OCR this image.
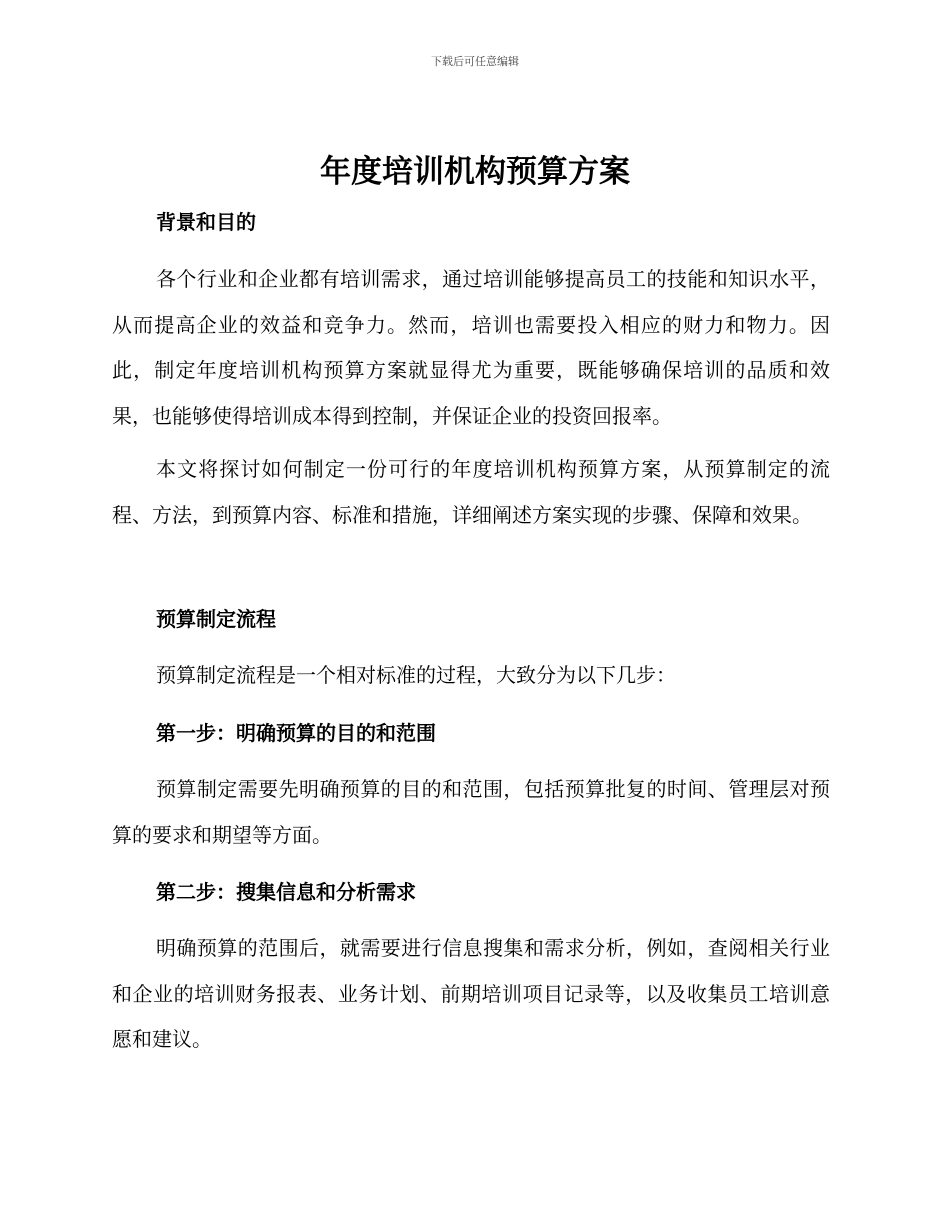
下载后可任意编辑
年度培训机构预算方案
背景和目的

各个行业和企业都有培训需求，通过培训能够提高员工的技能和知识水平，从而提高企业的效益和竞争力。然而，培训也需要投入相应的财力和物力。因此，制定年度培训机构预算方案就显得尤为重要，既能够确保培训的品质和效果，也能够使得培训成本得到控制，并保证企业的投资回报率。

本文将探讨如何制定一份可行的年度培训机构预算方案，从预算制定的流程、方法，到预算内容、标准和措施，详细阐述方案实现的步骤、保障和效果。

预算制定流程

预算制定流程是一个相对标准的过程，大致分为以下几步：

第一步：明确预算的目的和范围

预算制定需要先明确预算的目的和范围，包括预算批复的时间、管理层对预算的要求和期望等方面。

第二步：搜集信息和分析需求

明确预算的范围后，就需要进行信息搜集和需求分析，例如，查阅相关行业和企业的培训财务报表、业务计划、前期培训项目记录等，以及收集员工培训意愿和建议。
